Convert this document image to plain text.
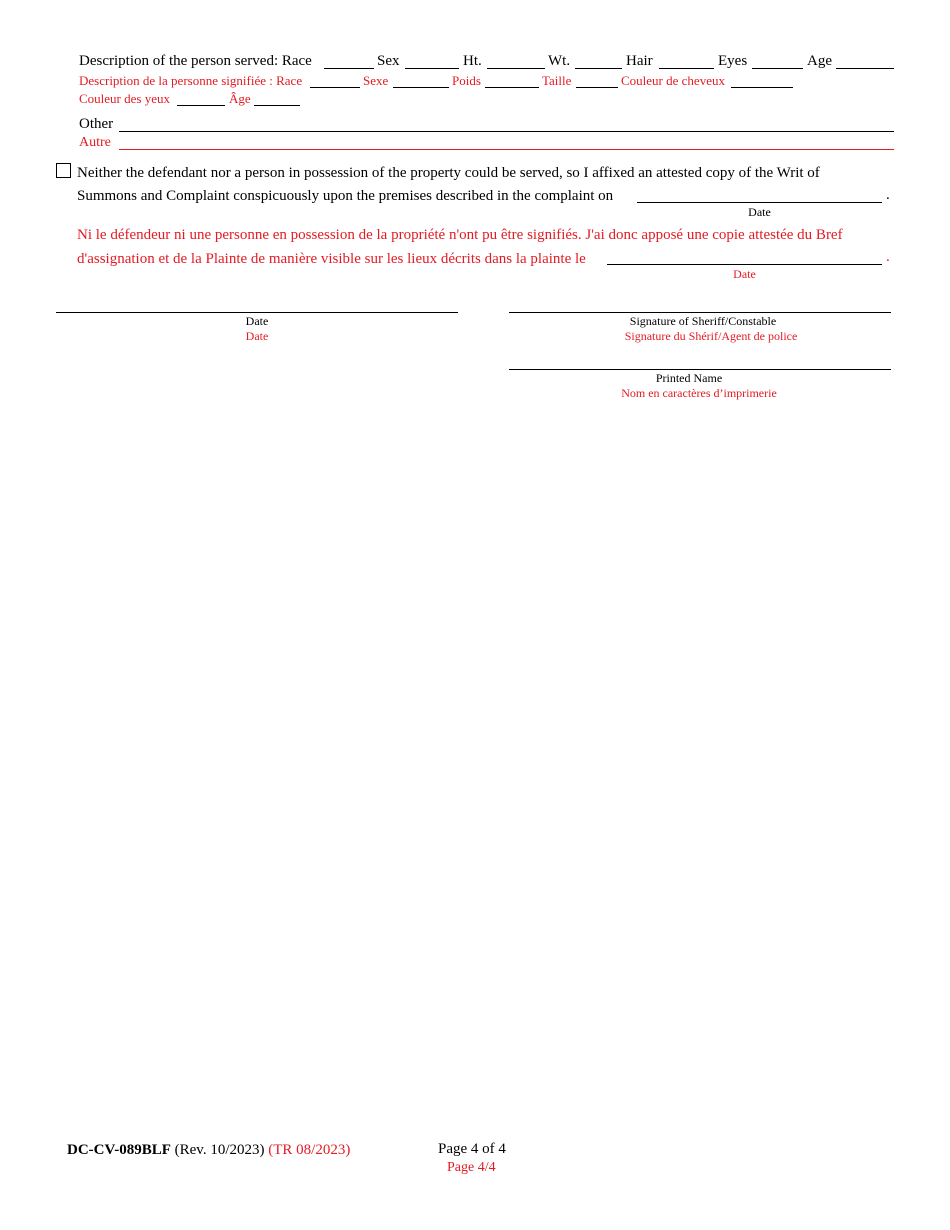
Description of the person served: Race	Sex	Ht.	Wt.	Hair	Eyes	Age
Description de la personne signifiée : Race	Sexe	Poids	Taille	Couleur de cheveux
Couleur des yeux	Âge
Other
Autre
Neither the defendant nor a person in possession of the property could be served, so I affixed an attested copy of the Writ of
Summons and Complaint conspicuously upon the premises described in the complaint on	.
Date
Ni le défendeur ni une personne en possession de la propriété n'ont pu être signifiés. J'ai donc apposé une copie attestée du Bref
d'assignation et de la Plainte de manière visible sur les lieux décrits dans la plainte le	.
Date
Date
Date
Signature of Sheriff/Constable
Signature du Shérif/Agent de police
Printed Name
Nom en caractères d’imprimerie
DC-CV-089BLF (Rev. 10/2023) (TR 08/2023)	Page 4 of 4
Page 4/4
